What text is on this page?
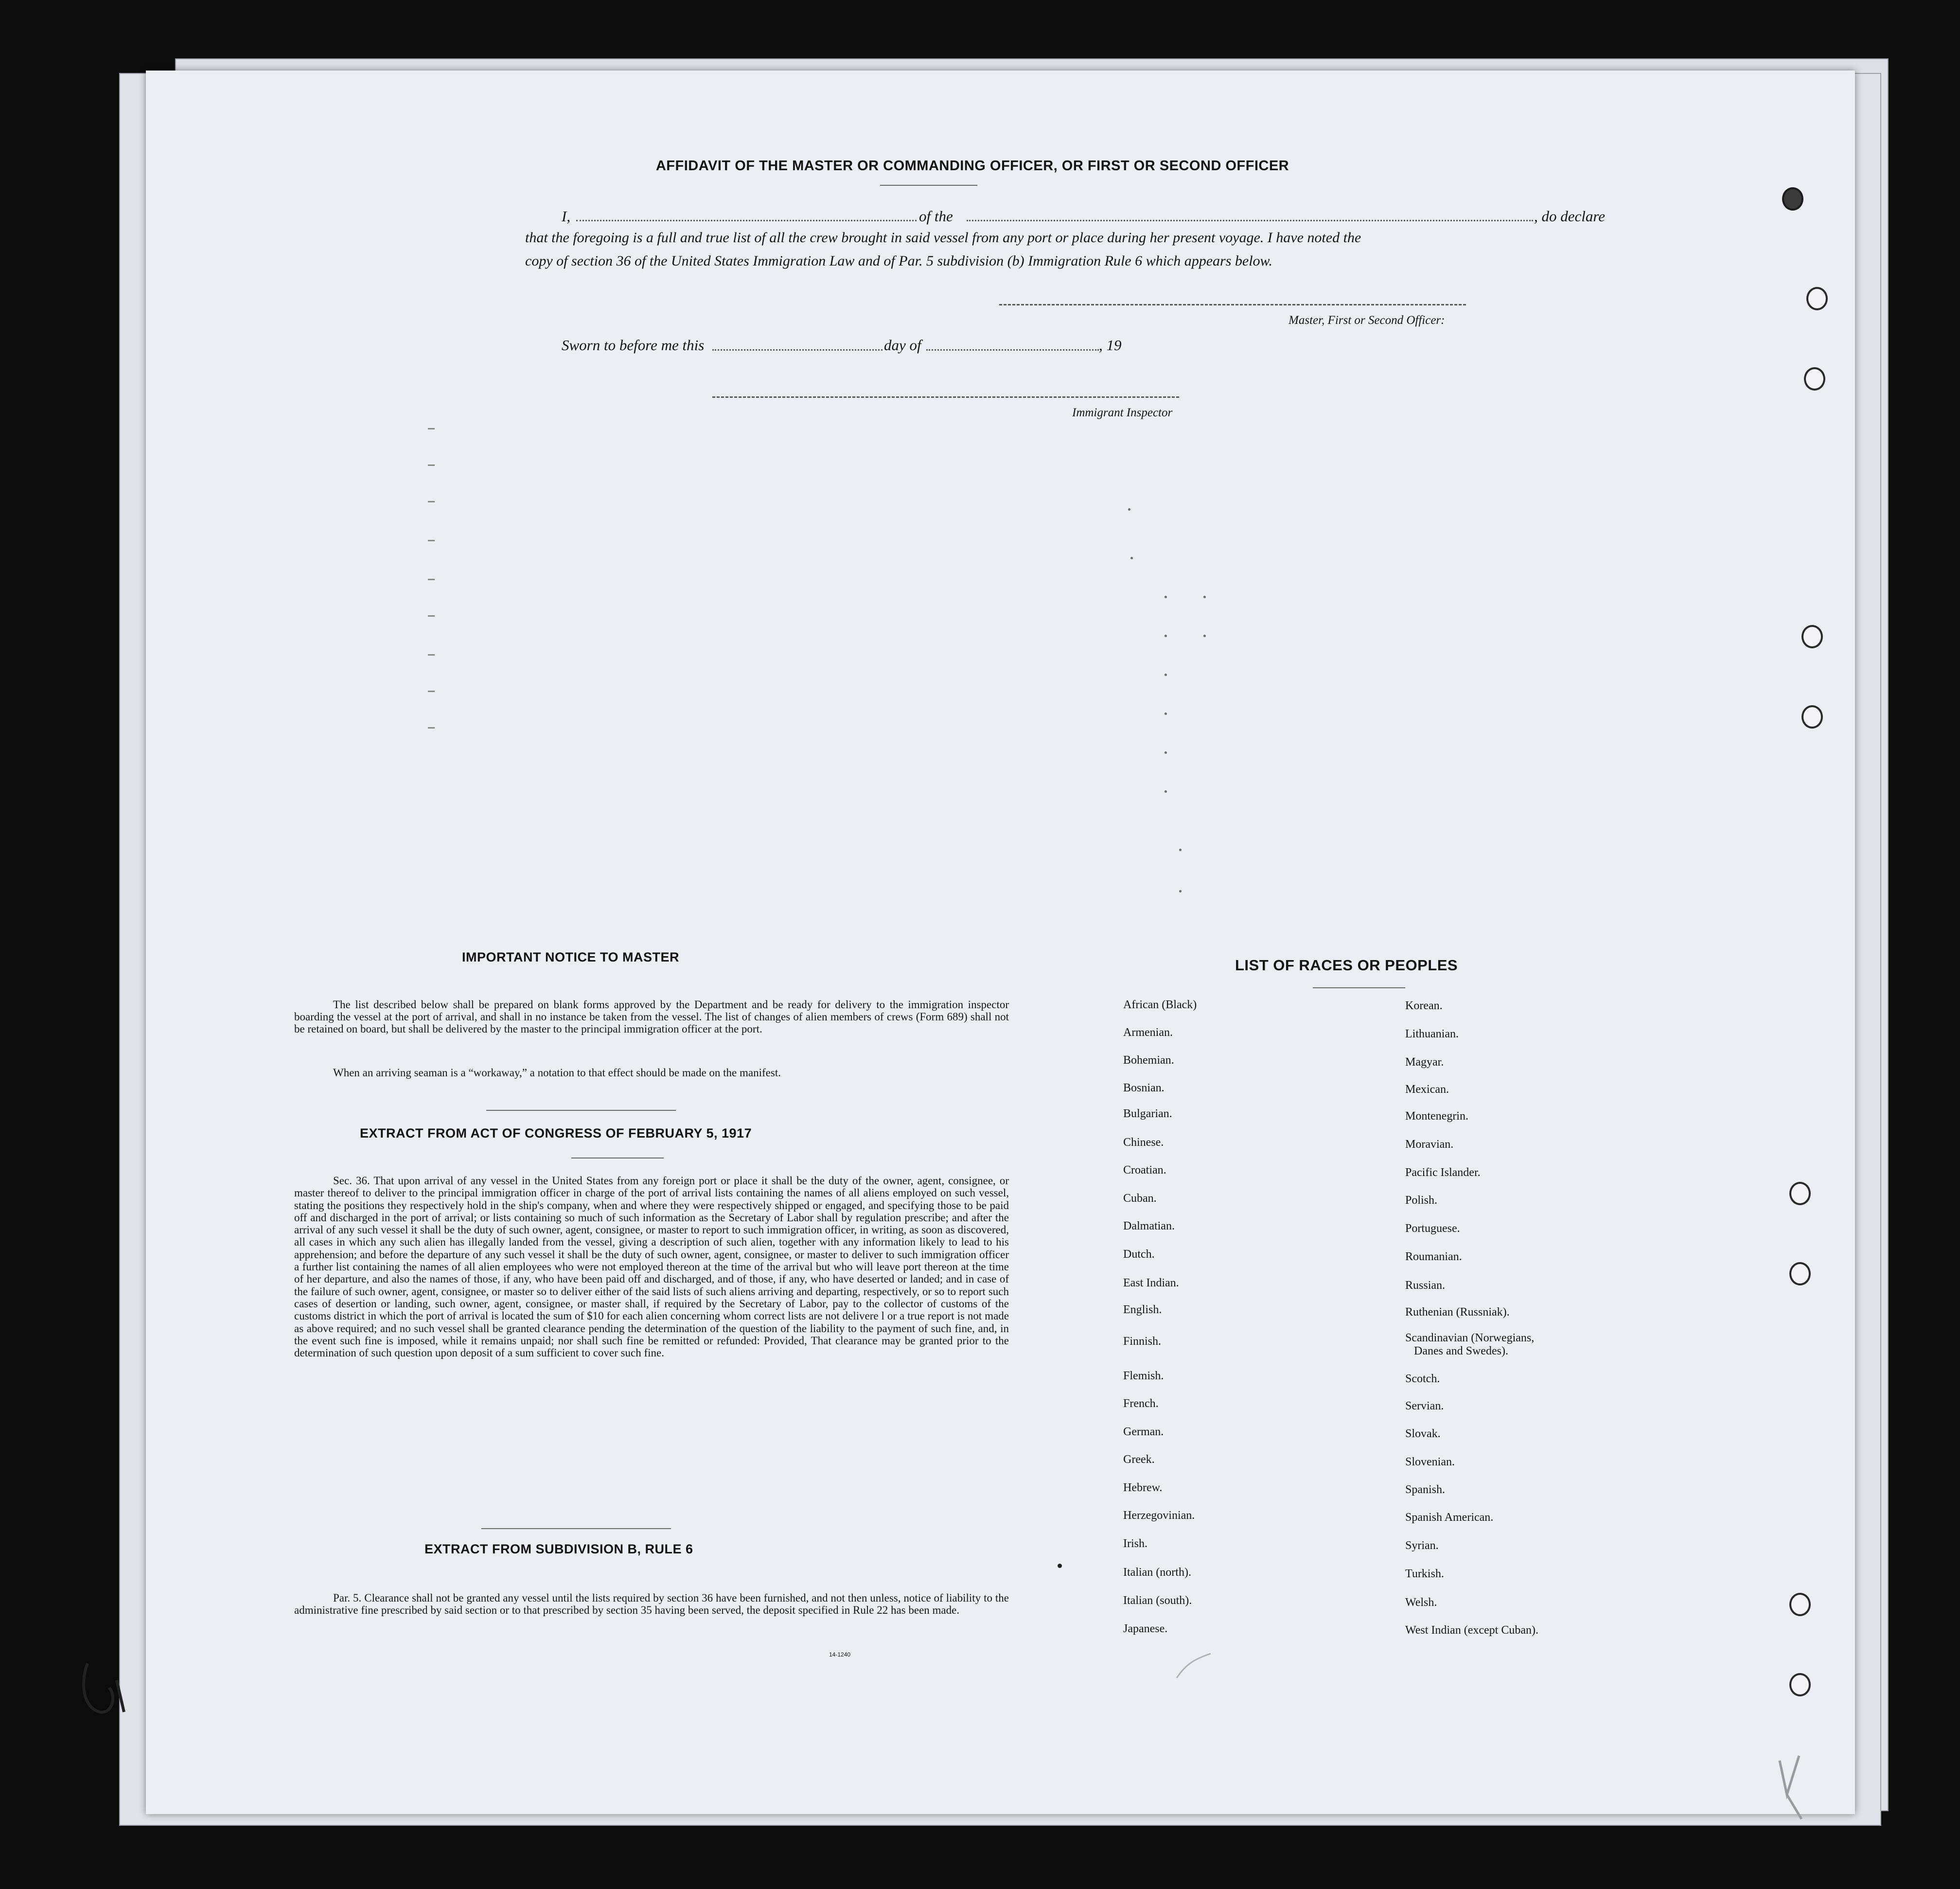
AFFIDAVIT OF THE MASTER OR COMMANDING OFFICER, OR FIRST OR SECOND OFFICER
I,	of the	, do declare
that the foregoing is a full and true list of all the crew brought in said vessel from any port or place during her present voyage. I have noted the
copy of section 36 of the United States Immigration Law and of Par. 5 subdivision (b) Immigration Rule 6 which appears below.
Master, First or Second Officer:
Sworn to before me this	day of	, 19
Immigrant Inspector
IMPORTANT NOTICE TO MASTER

The list described below shall be prepared on blank forms approved by the Department and be ready for delivery to the immigration inspector boarding the vessel at the port of arrival, and shall in no instance be taken from the vessel. The list of changes of alien members of crews (Form 689) shall not be retained on board, but shall be delivered by the master to the principal immigration officer at the port.

When an arriving seaman is a “workaway,” a notation to that effect should be made on the manifest.

EXTRACT FROM ACT OF CONGRESS OF FEBRUARY 5, 1917

Sec. 36. That upon arrival of any vessel in the United States from any foreign port or place it shall be the duty of the owner, agent, consignee, or master thereof to deliver to the principal immigration officer in charge of the port of arrival lists containing the names of all aliens employed on such vessel, stating the positions they respectively hold in the ship's company, when and where they were respectively shipped or engaged, and specifying those to be paid off and discharged in the port of arrival; or lists containing so much of such information as the Secretary of Labor shall by regulation prescribe; and after the arrival of any such vessel it shall be the duty of such owner, agent, consignee, or master to report to such immigration officer, in writing, as soon as discovered, all cases in which any such alien has illegally landed from the vessel, giving a description of such alien, together with any information likely to lead to his apprehension; and before the departure of any such vessel it shall be the duty of such owner, agent, consignee, or master to deliver to such immigration officer a further list containing the names of all alien employees who were not employed thereon at the time of the arrival but who will leave port thereon at the time of her departure, and also the names of those, if any, who have been paid off and discharged, and of those, if any, who have deserted or landed; and in case of the failure of such owner, agent, consignee, or master so to deliver either of the said lists of such aliens arriving and departing, respectively, or so to report such cases of desertion or landing, such owner, agent, consignee, or master shall, if required by the Secretary of Labor, pay to the collector of customs of the customs district in which the port of arrival is located the sum of $10 for each alien concerning whom correct lists are not delivere l or a true report is not made as above required; and no such vessel shall be granted clearance pending the determination of the question of the liability to the payment of such fine, and, in the event such fine is imposed, while it remains unpaid; nor shall such fine be remitted or refunded: Provided, That clearance may be granted prior to the determination of such question upon deposit of a sum sufficient to cover such fine.

EXTRACT FROM SUBDIVISION B, RULE 6

Par. 5. Clearance shall not be granted any vessel until the lists required by section 36 have been furnished, and not then unless, notice of liability to the administrative fine prescribed by said section or to that prescribed by section 35 having been served, the deposit specified in Rule 22 has been made.

14-1240
LIST OF RACES OR PEOPLES
African (Black)
Armenian.
Bohemian.
Bosnian.
Bulgarian.
Chinese.
Croatian.
Cuban.
Dalmatian.
Dutch.
East Indian.
English.
Finnish.
Flemish.
French.
German.
Greek.
Hebrew.
Herzegovinian.
Irish.
Italian (north).
Italian (south).
Japanese.
Korean.
Lithuanian.
Magyar.
Mexican.
Montenegrin.
Moravian.
Pacific Islander.
Polish.
Portuguese.
Roumanian.
Russian.
Ruthenian (Russniak).
Scandinavian (Norwegians,
Danes and Swedes).
Scotch.
Servian.
Slovak.
Slovenian.
Spanish.
Spanish American.
Syrian.
Turkish.
Welsh.
West Indian (except Cuban).
